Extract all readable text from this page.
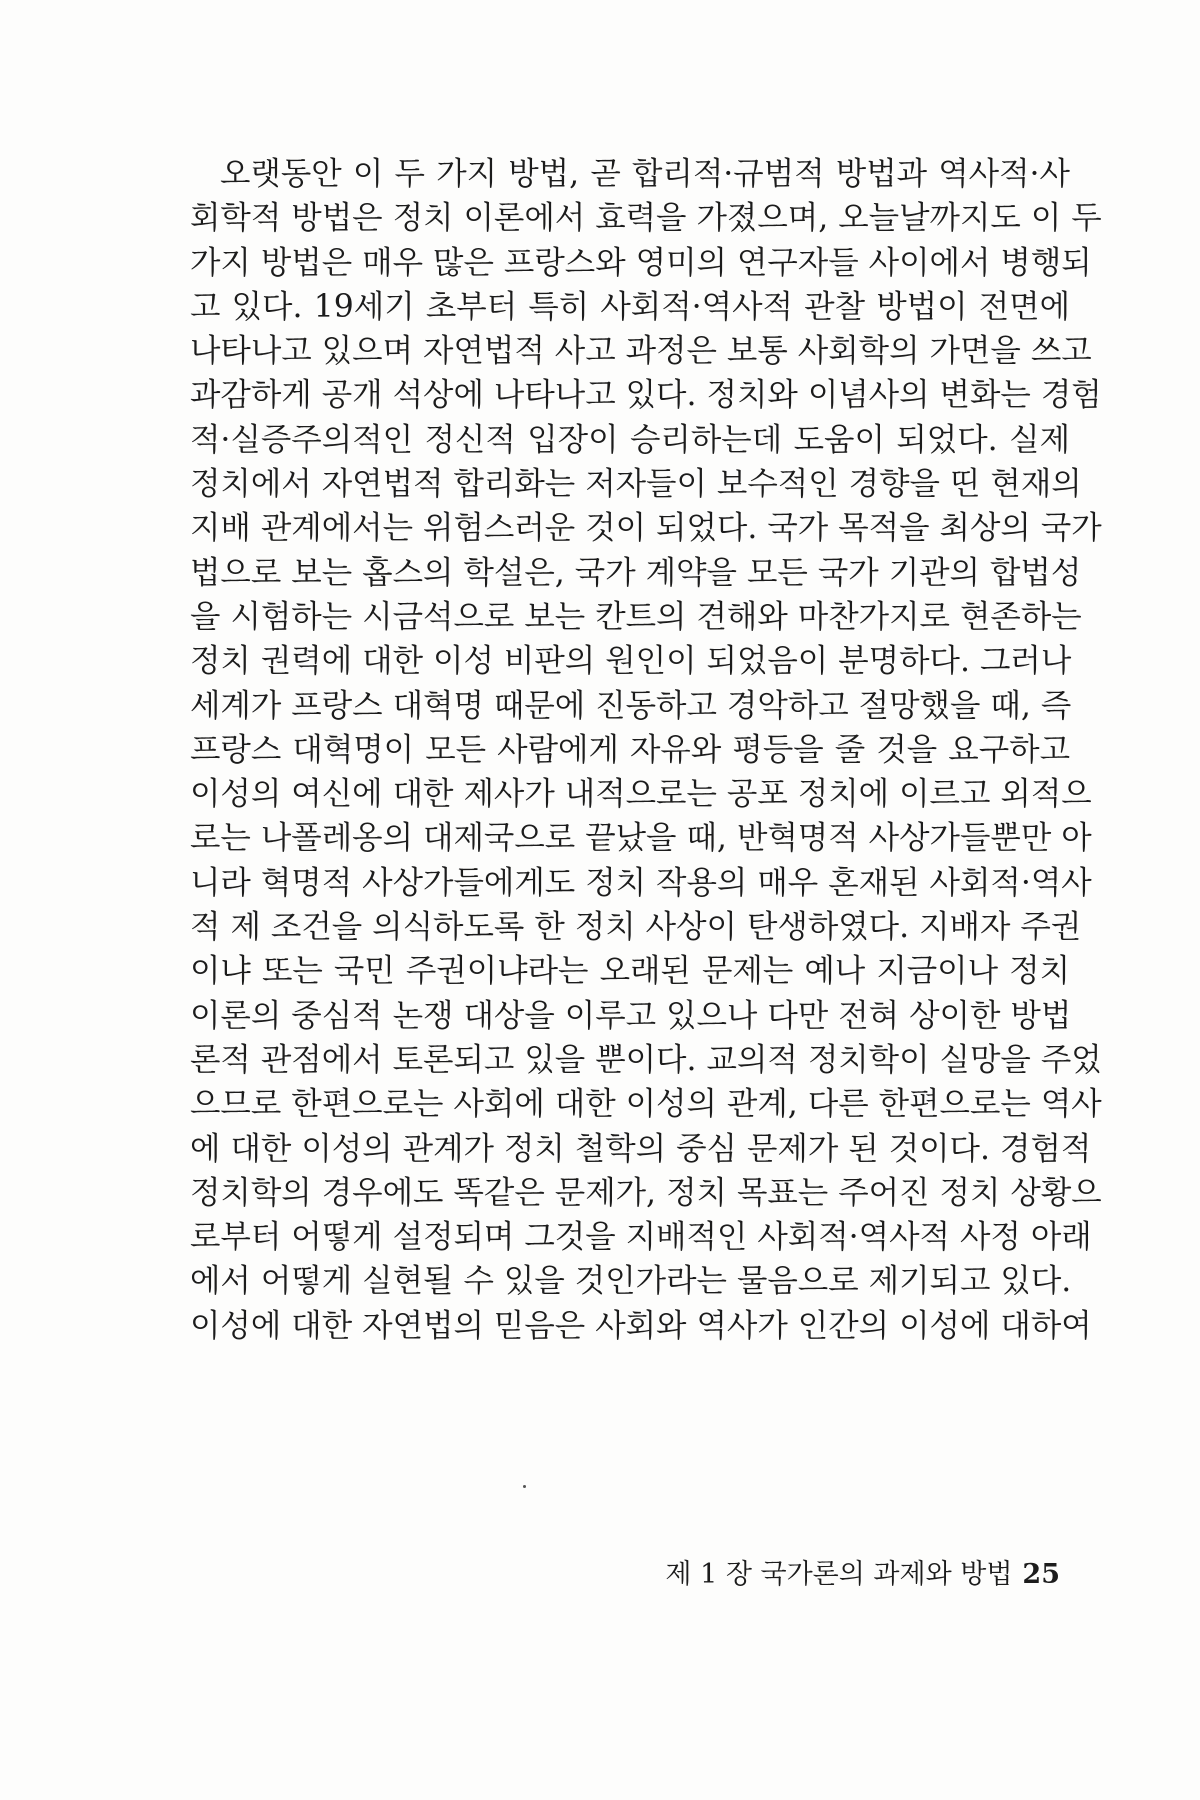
오랫동안 이 두 가지 방법, 곧 합리적·규범적 방법과 역사적·사
회학적 방법은 정치 이론에서 효력을 가졌으며, 오늘날까지도 이 두
가지 방법은 매우 많은 프랑스와 영미의 연구자들 사이에서 병행되
고 있다. 19세기 초부터 특히 사회적·역사적 관찰 방법이 전면에
나타나고 있으며 자연법적 사고 과정은 보통 사회학의 가면을 쓰고
과감하게 공개 석상에 나타나고 있다. 정치와 이념사의 변화는 경험
적·실증주의적인 정신적 입장이 승리하는데 도움이 되었다. 실제
정치에서 자연법적 합리화는 저자들이 보수적인 경향을 띤 현재의
지배 관계에서는 위험스러운 것이 되었다. 국가 목적을 최상의 국가
법으로 보는 홉스의 학설은, 국가 계약을 모든 국가 기관의 합법성
을 시험하는 시금석으로 보는 칸트의 견해와 마찬가지로 현존하는
정치 권력에 대한 이성 비판의 원인이 되었음이 분명하다. 그러나
세계가 프랑스 대혁명 때문에 진동하고 경악하고 절망했을 때, 즉
프랑스 대혁명이 모든 사람에게 자유와 평등을 줄 것을 요구하고
이성의 여신에 대한 제사가 내적으로는 공포 정치에 이르고 외적으
로는 나폴레옹의 대제국으로 끝났을 때, 반혁명적 사상가들뿐만 아
니라 혁명적 사상가들에게도 정치 작용의 매우 혼재된 사회적·역사
적 제 조건을 의식하도록 한 정치 사상이 탄생하였다. 지배자 주권
이냐 또는 국민 주권이냐라는 오래된 문제는 예나 지금이나 정치
이론의 중심적 논쟁 대상을 이루고 있으나 다만 전혀 상이한 방법
론적 관점에서 토론되고 있을 뿐이다. 교의적 정치학이 실망을 주었
으므로 한편으로는 사회에 대한 이성의 관계, 다른 한편으로는 역사
에 대한 이성의 관계가 정치 철학의 중심 문제가 된 것이다. 경험적
정치학의 경우에도 똑같은 문제가, 정치 목표는 주어진 정치 상황으
로부터 어떻게 설정되며 그것을 지배적인 사회적·역사적 사정 아래
에서 어떻게 실현될 수 있을 것인가라는 물음으로 제기되고 있다.
이성에 대한 자연법의 믿음은 사회와 역사가 인간의 이성에 대하여
제 1 장 국가론의 과제와 방법 25
